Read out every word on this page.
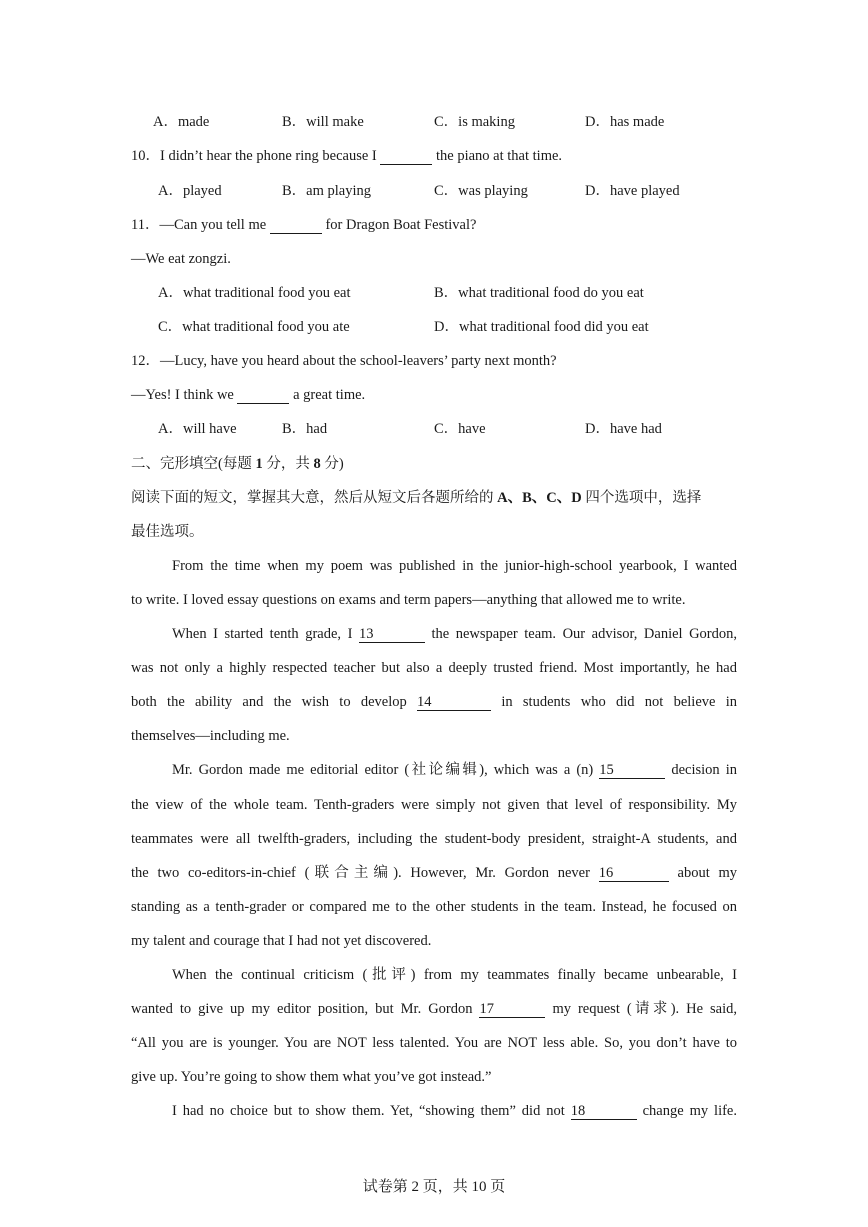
A．made	B．will make	C．is making	D．has made
10．I didn’t hear the phone ring because I	the piano at that time.
A．played	B．am playing	C．was playing	D．have played
11．—Can you tell me	for Dragon Boat Festival?
—We eat zongzi.
A．what traditional food you eat	B．what traditional food do you eat
C．what traditional food you ate	D．what traditional food did you eat
12．—Lucy, have you heard about the school-leavers’ party next month?
—Yes! I think we	a great time.
A．will have	B．had	C．have	D．have had
二、完形填空(每题 1 分，共 8 分)
阅读下面的短文，掌握其大意，然后从短文后各题所给的 A、B、C、D 四个选项中，选择
最佳选项。
From the time when my poem was published in the junior-high-school yearbook, I wanted
to write. I loved essay questions on exams and term papers—anything that allowed me to write.
When I started tenth grade, I 13	the newspaper team. Our advisor, Daniel Gordon,
was not only a highly respected teacher but also a deeply trusted friend. Most importantly, he had
both the ability and the wish to develop 14	in students who did not believe in
themselves—including me.
Mr. Gordon made me editorial editor (社论编辑), which was a (n) 15	decision in
the view of the whole team. Tenth-graders were simply not given that level of responsibility. My
teammates were all twelfth-graders, including the student-body president, straight-A students, and
the two co-editors-in-chief (联合主编). However, Mr. Gordon never 16	about my
standing as a tenth-grader or compared me to the other students in the team. Instead, he focused on
my talent and courage that I had not yet discovered.
When the continual criticism (批评) from my teammates finally became unbearable, I
wanted to give up my editor position, but Mr. Gordon 17	my request (请求). He said,
“All you are is younger. You are NOT less talented. You are NOT less able. So, you don’t have to
give up. You’re going to show them what you’ve got instead.”
I had no choice but to show them. Yet, “showing them” did not 18	change my life.
试卷第 2 页，共 10 页
